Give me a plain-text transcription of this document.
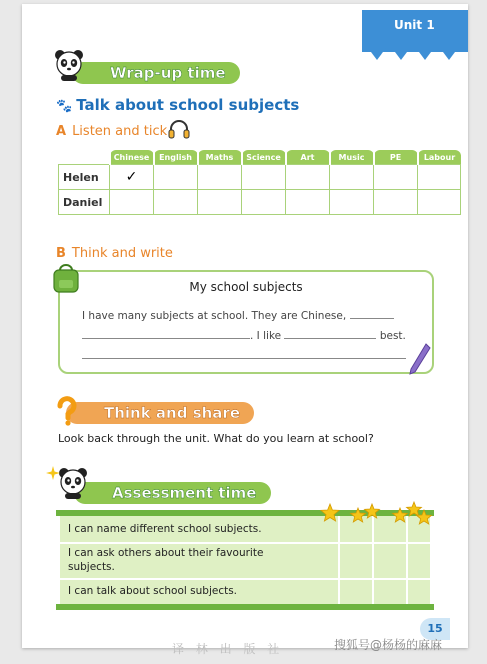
Unit 1
Wrap-up time
🐾 Talk about school subjects
A Listen and tick
	Chinese	English	Maths	Science	Art	Music	PE	Labour
Helen	✓							
Daniel								
B Think and write
My school subjects
I have many subjects at school. They are Chinese,
. I like	best.
Think and share
Look back through the unit. What do you learn at school?
Assessment time
I can name different school subjects.
I can ask others about their favourite subjects.
I can talk about school subjects.
15
译 林 出 版 社	搜狐号@杨杨的麻麻
